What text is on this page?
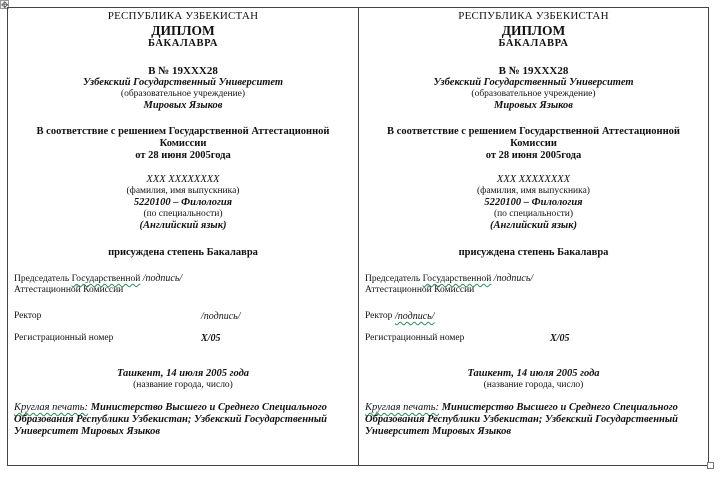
✥
РЕСПУБЛИКА УЗБЕКИСТАН
ДИПЛОМ
БАКАЛАВРА
В № 19ХХХ28
Узбекский Государственный Университет
(образовательное учреждение)
Мировых Языков
В соответствие с решением Государственной Аттестационной
Комиссии
от 28 июня 2005года
ХХХ ХХХХХХХХ
(фамилия, имя выпускника)
5220100 – Филология
(по специальности)
(Английский язык)
присуждена степень Бакалавра
Председатель Государственной /подпись/
Аттестационной Комиссии
Ректор	/подпись/
Регистрационный номер	Х/05
Ташкент, 14 июля 2005 года
(название города, число)
Круглая печать: Министерство Высшего и Среднего Специального
Образования Республики Узбекистан; Узбекский Государственный
Университет Мировых Языков
РЕСПУБЛИКА УЗБЕКИСТАН
ДИПЛОМ
БАКАЛАВРА
В № 19ХХХ28
Узбекский Государственный Университет
(образовательное учреждение)
Мировых Языков
В соответствие с решением Государственной Аттестационной
Комиссии
от 28 июня 2005года
ХХХ ХХХХХХХХ
(фамилия, имя выпускника)
5220100 – Филология
(по специальности)
(Английский язык)
присуждена степень Бакалавра
Председатель Государственной /подпись/
Аттестационной Комиссии
Ректор /подпись/
Регистрационный номер	Х/05
Ташкент, 14 июля 2005 года
(название города, число)
Круглая печать: Министерство Высшего и Среднего Специального
Образования Республики Узбекистан; Узбекский Государственный
Университет Мировых Языков
